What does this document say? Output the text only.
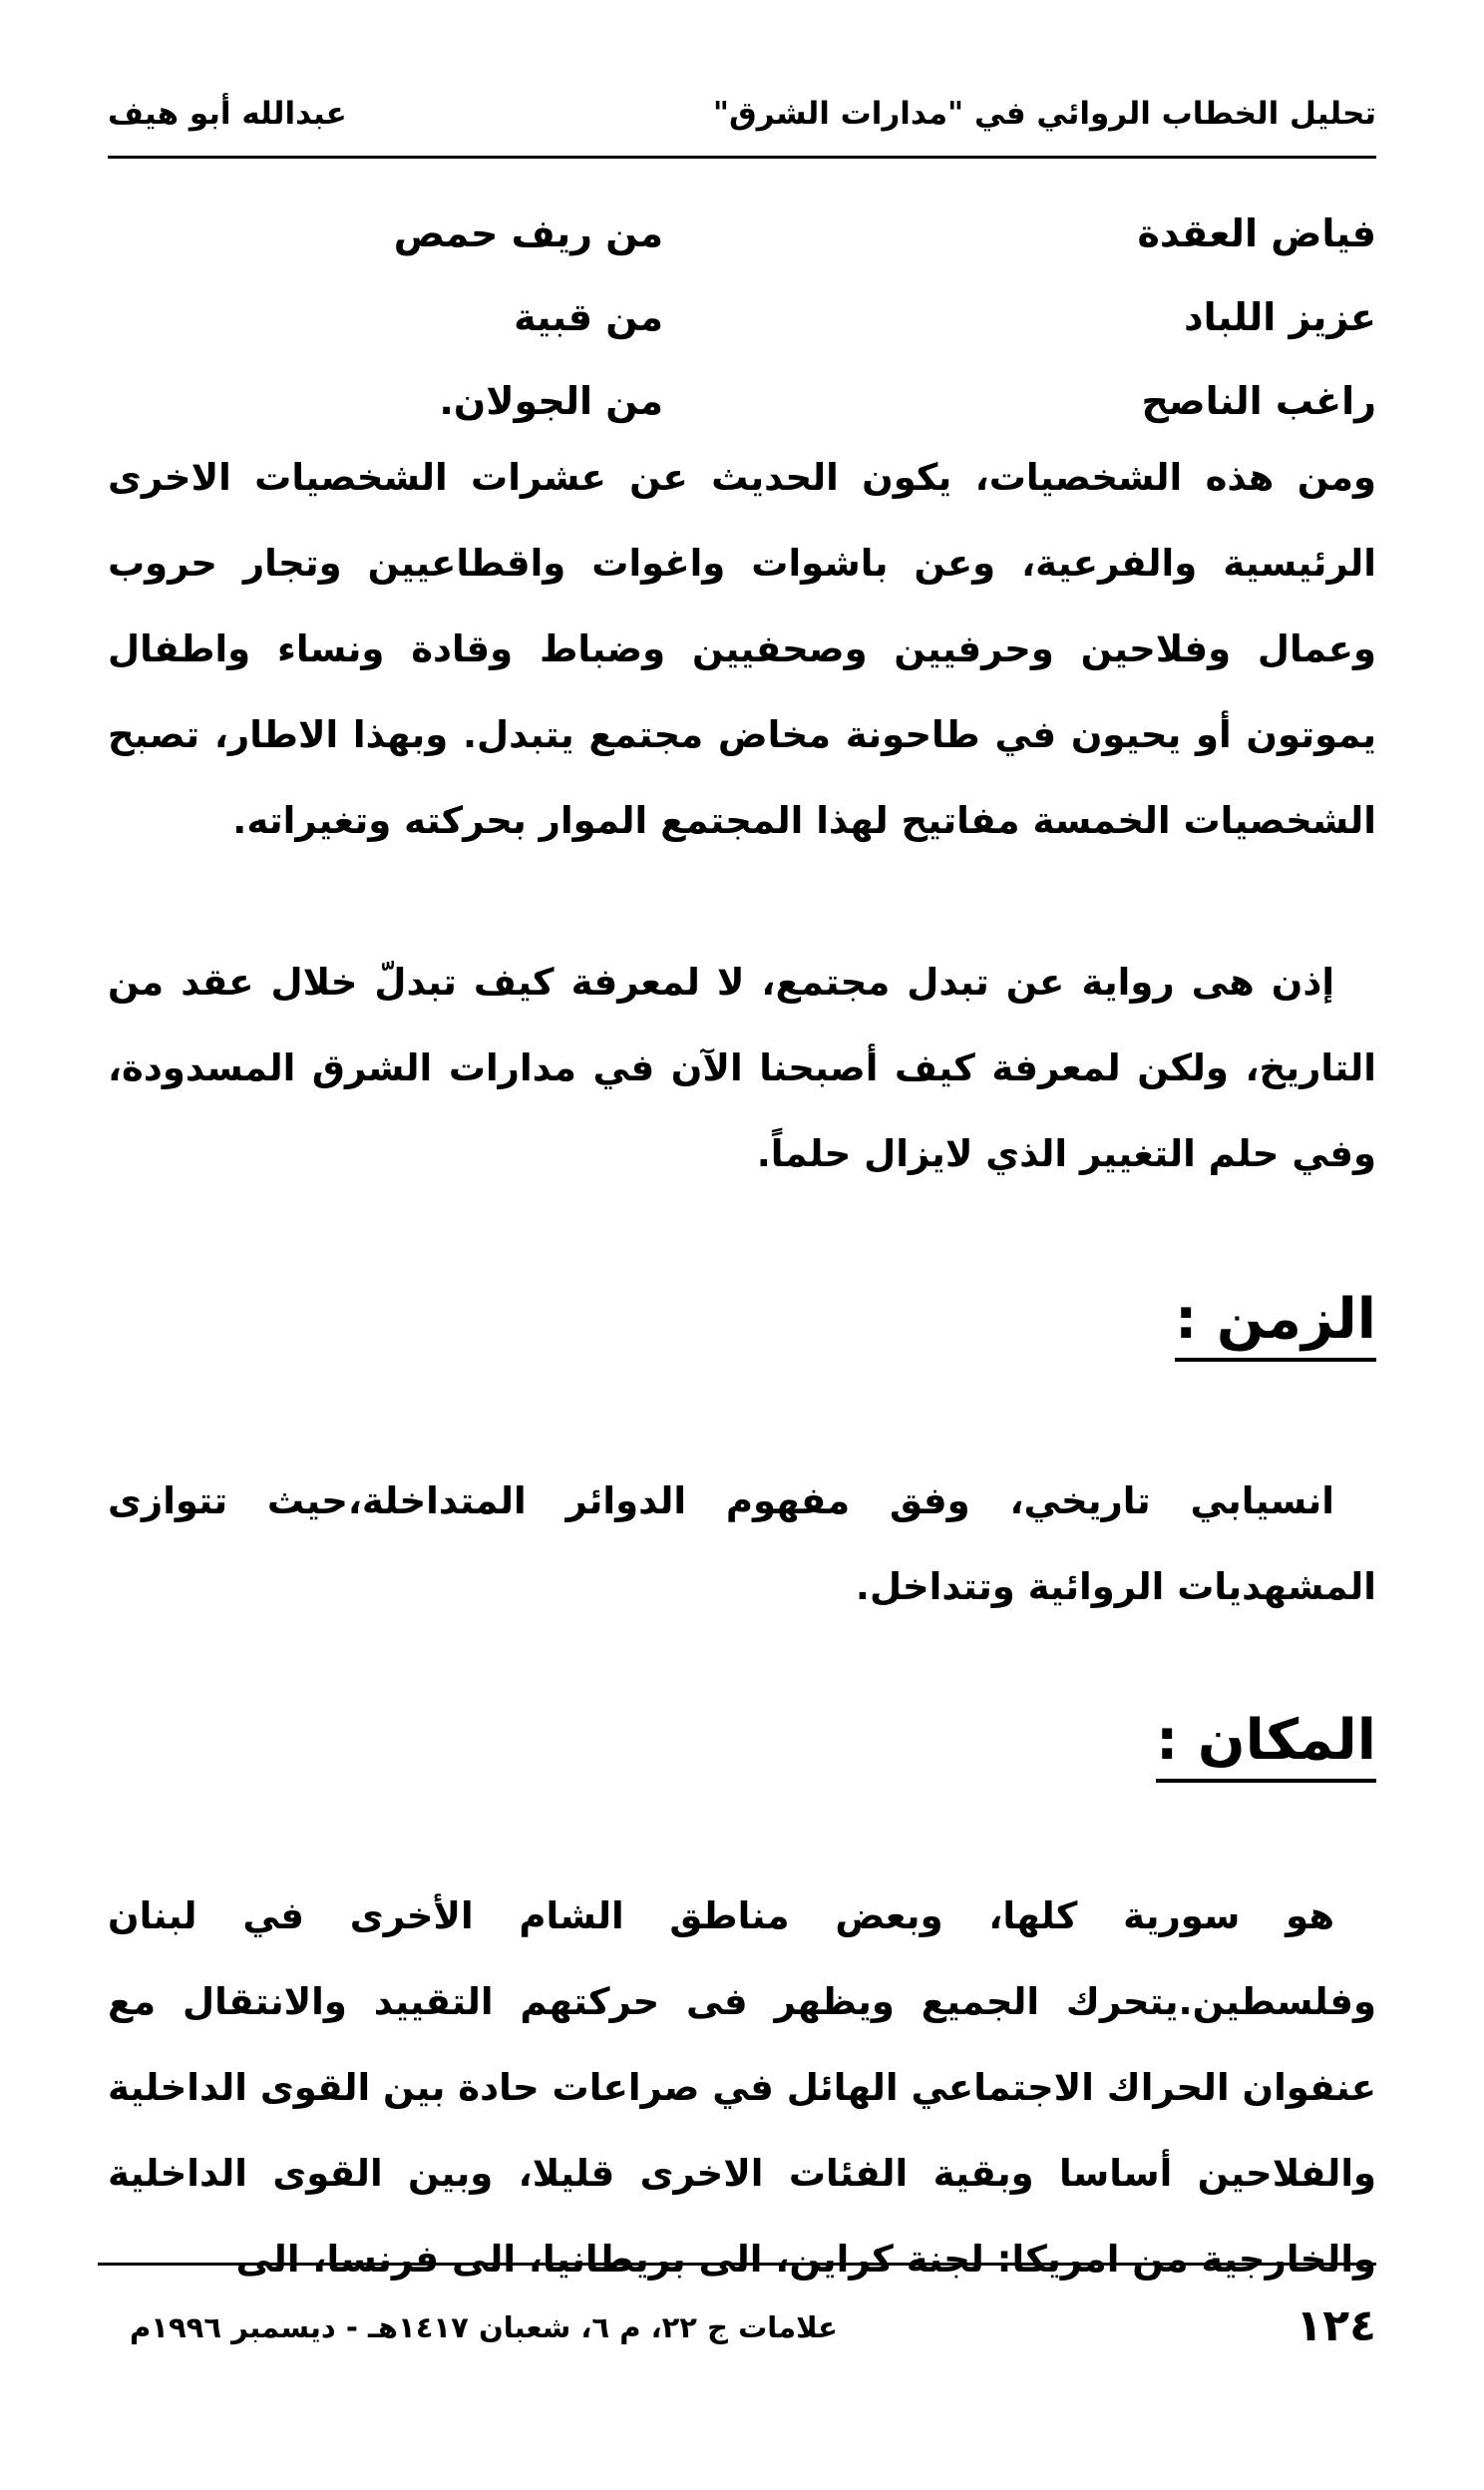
تحليل الخطاب الروائي في "مدارات الشرق"
عبدالله أبو هيف
فياض العقدة
من ريف حمص
عزيز اللباد
من قبية
راغب الناصح
من الجولان.

ومن هذه الشخصيات، يكون الحديث عن عشرات الشخصيات الاخرى الرئيسية والفرعية، وعن باشوات واغوات واقطاعيين وتجار حروب وعمال وفلاحين وحرفيين وصحفيين وضباط وقادة ونساء واطفال يموتون أو يحيون في طاحونة مخاض مجتمع يتبدل. وبهذا الاطار، تصبح الشخصيات الخمسة مفاتيح لهذا المجتمع الموار بحركته وتغيراته.

إذن هى رواية عن تبدل مجتمع، لا لمعرفة كيف تبدلّ خلال عقد من التاريخ، ولكن لمعرفة كيف أصبحنا الآن في مدارات الشرق المسدودة، وفي حلم التغيير الذي لايزال حلماً.

الزمن :

انسيابي تاريخي، وفق مفهوم الدوائر المتداخلة،حيث تتوازى المشهديات الروائية وتتداخل.

المكان :

هو سورية كلها، وبعض مناطق الشام الأخرى في لبنان وفلسطين.يتحرك الجميع ويظهر فى حركتهم التقييد والانتقال مع عنفوان الحراك الاجتماعي الهائل في صراعات حادة بين القوى الداخلية والفلاحين أساسا وبقية الفئات الاخرى قليلا، وبين القوى الداخلية والخارجية من امريكا: لجنة كراين، الى بريطانيا، الى فرنسا، الى

١٢٤
علامات ج ٢٢، م ٦، شعبان ١٤١٧هـ - ديسمبر ١٩٩٦م
